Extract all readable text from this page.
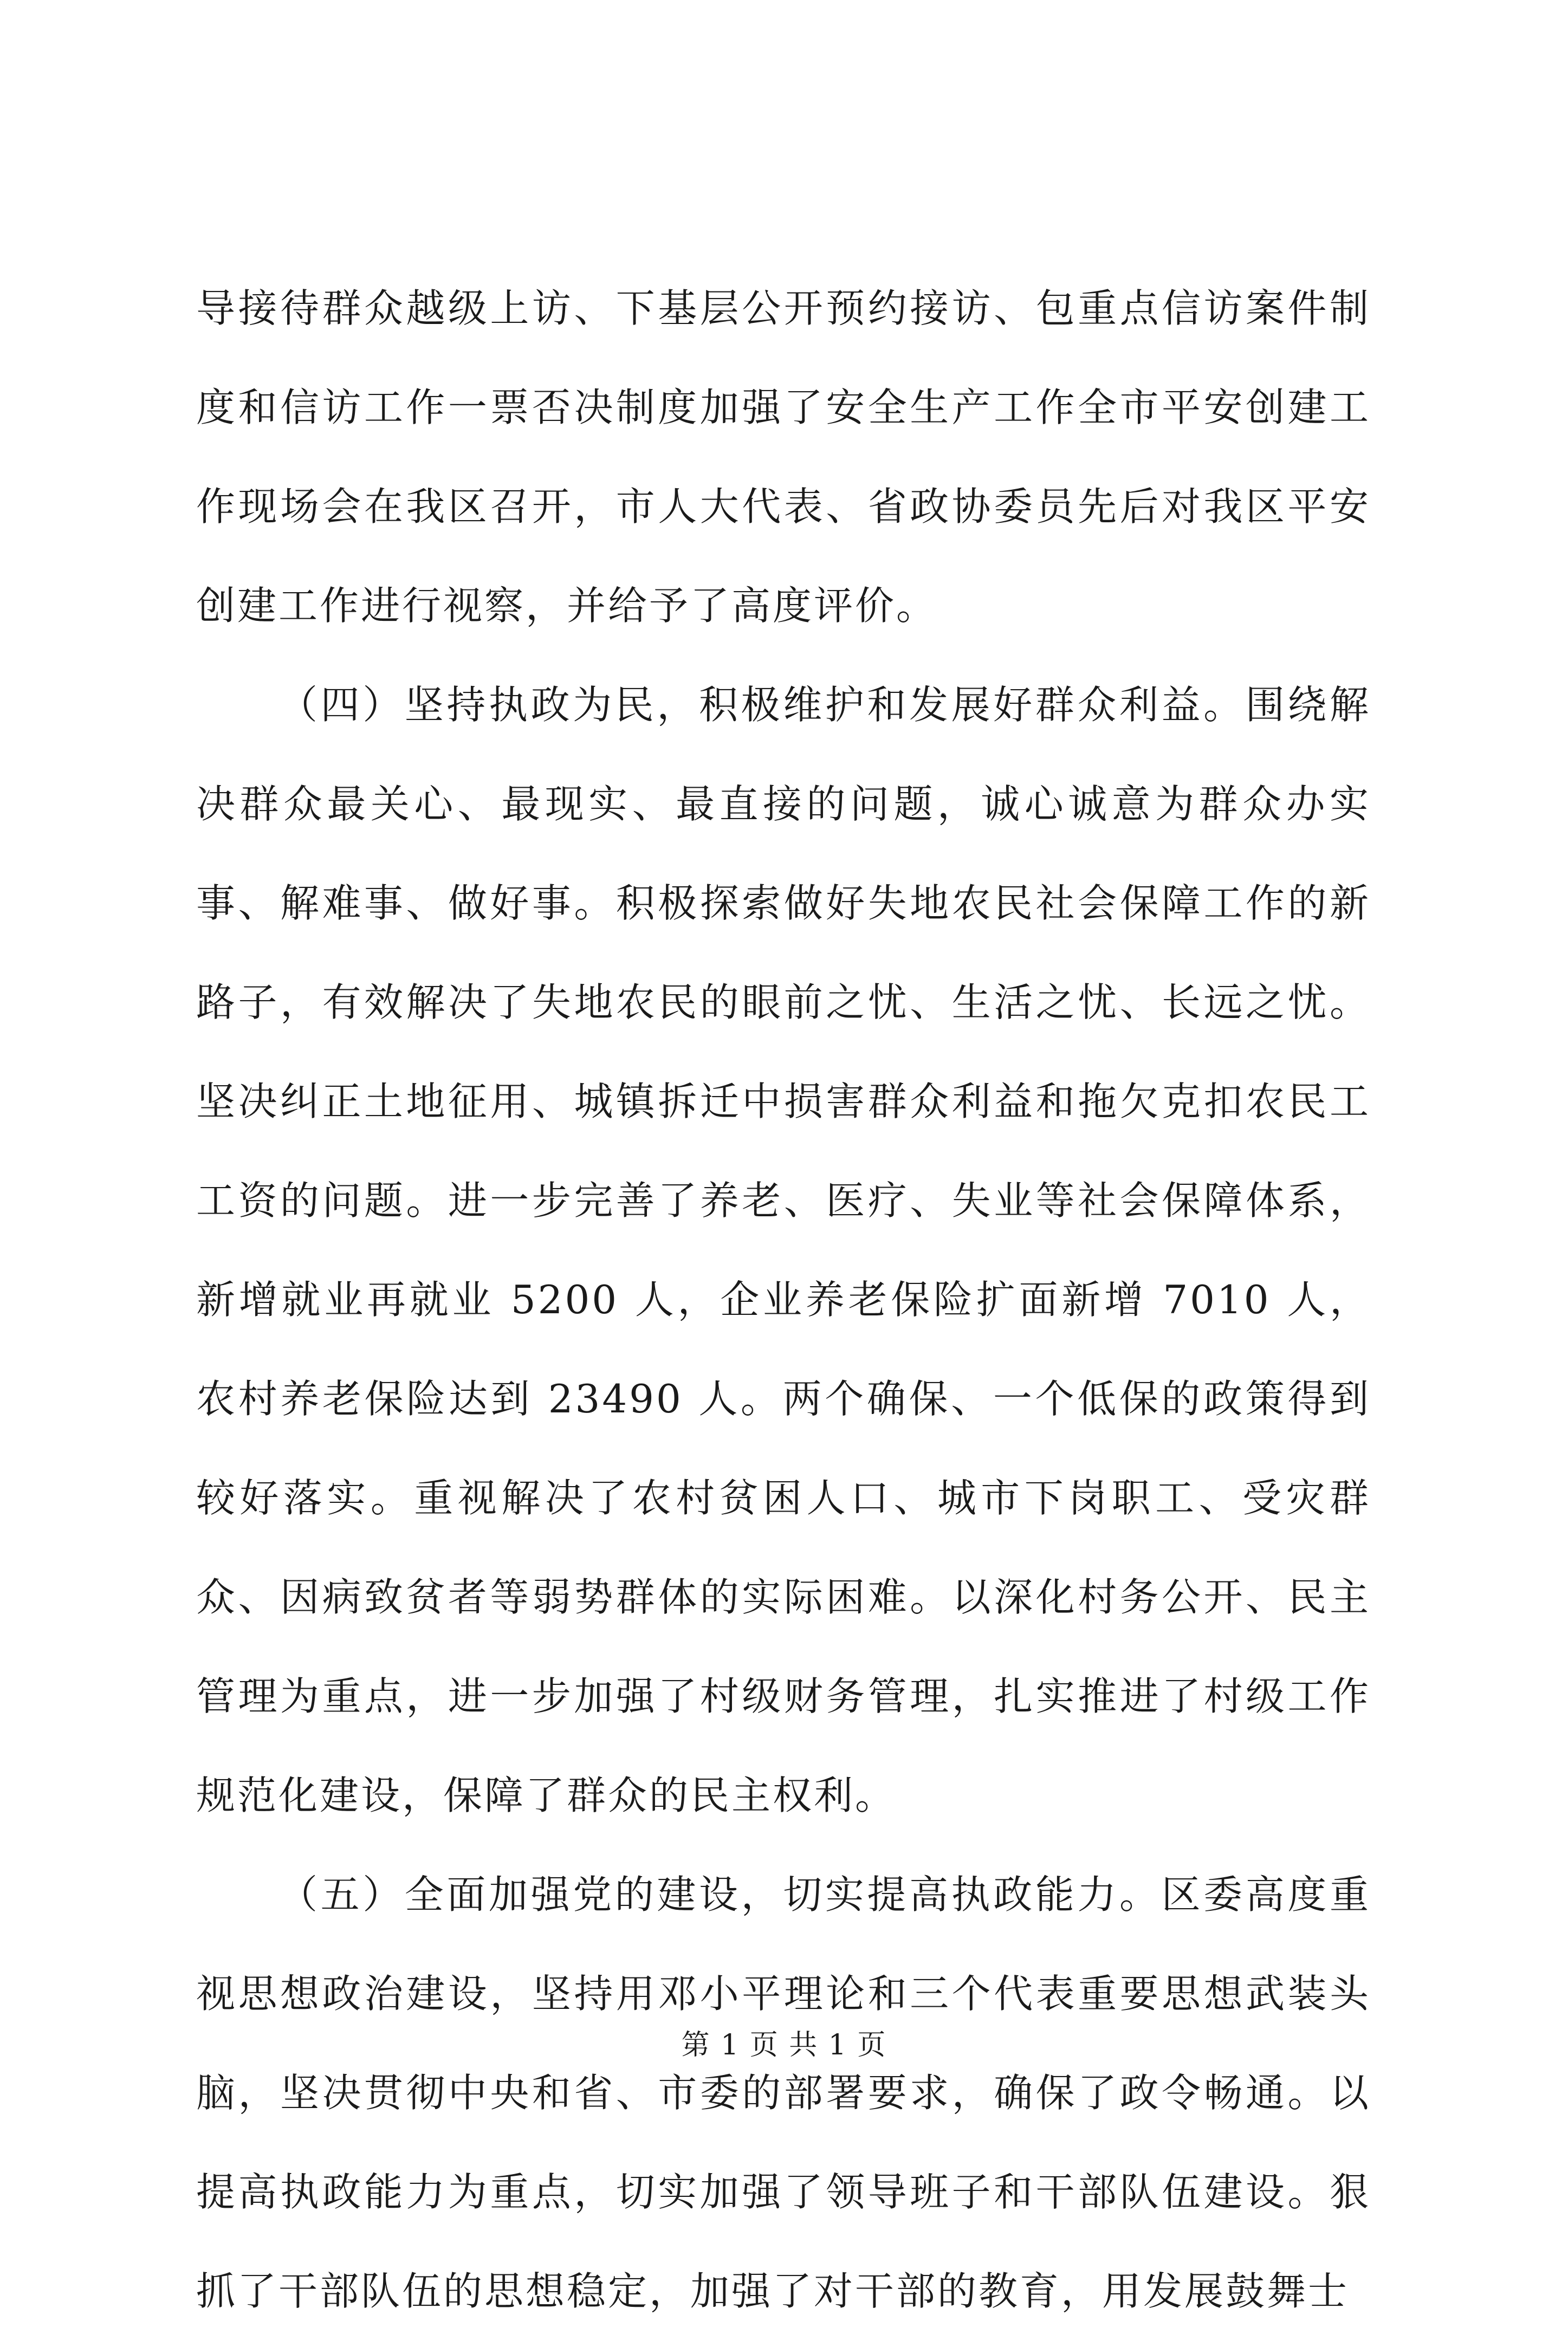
导接待群众越级上访、下基层公开预约接访、包重点信访案件制度和信访工作一票否决制度加强了安全生产工作全市平安创建工作现场会在我区召开，市人大代表、省政协委员先后对我区平安创建工作进行视察，并给予了高度评价。

（四）坚持执政为民，积极维护和发展好群众利益。围绕解决群众最关心、最现实、最直接的问题，诚心诚意为群众办实事、解难事、做好事。积极探索做好失地农民社会保障工作的新路子，有效解决了失地农民的眼前之忧、生活之忧、长远之忧。坚决纠正土地征用、城镇拆迁中损害群众利益和拖欠克扣农民工工资的问题。进一步完善了养老、医疗、失业等社会保障体系，新增就业再就业 5200 人，企业养老保险扩面新增 7010 人，农村养老保险达到 23490 人。两个确保、一个低保的政策得到较好落实。重视解决了农村贫困人口、城市下岗职工、受灾群众、因病致贫者等弱势群体的实际困难。以深化村务公开、民主管理为重点，进一步加强了村级财务管理，扎实推进了村级工作规范化建设，保障了群众的民主权利。

（五）全面加强党的建设，切实提高执政能力。区委高度重视思想政治建设，坚持用邓小平理论和三个代表重要思想武装头脑，坚决贯彻中央和省、市委的部署要求，确保了政令畅通。以提高执政能力为重点，切实加强了领导班子和干部队伍建设。狠抓了干部队伍的思想稳定，加强了对干部的教育，用发展鼓舞士

第 1 页 共 1 页
